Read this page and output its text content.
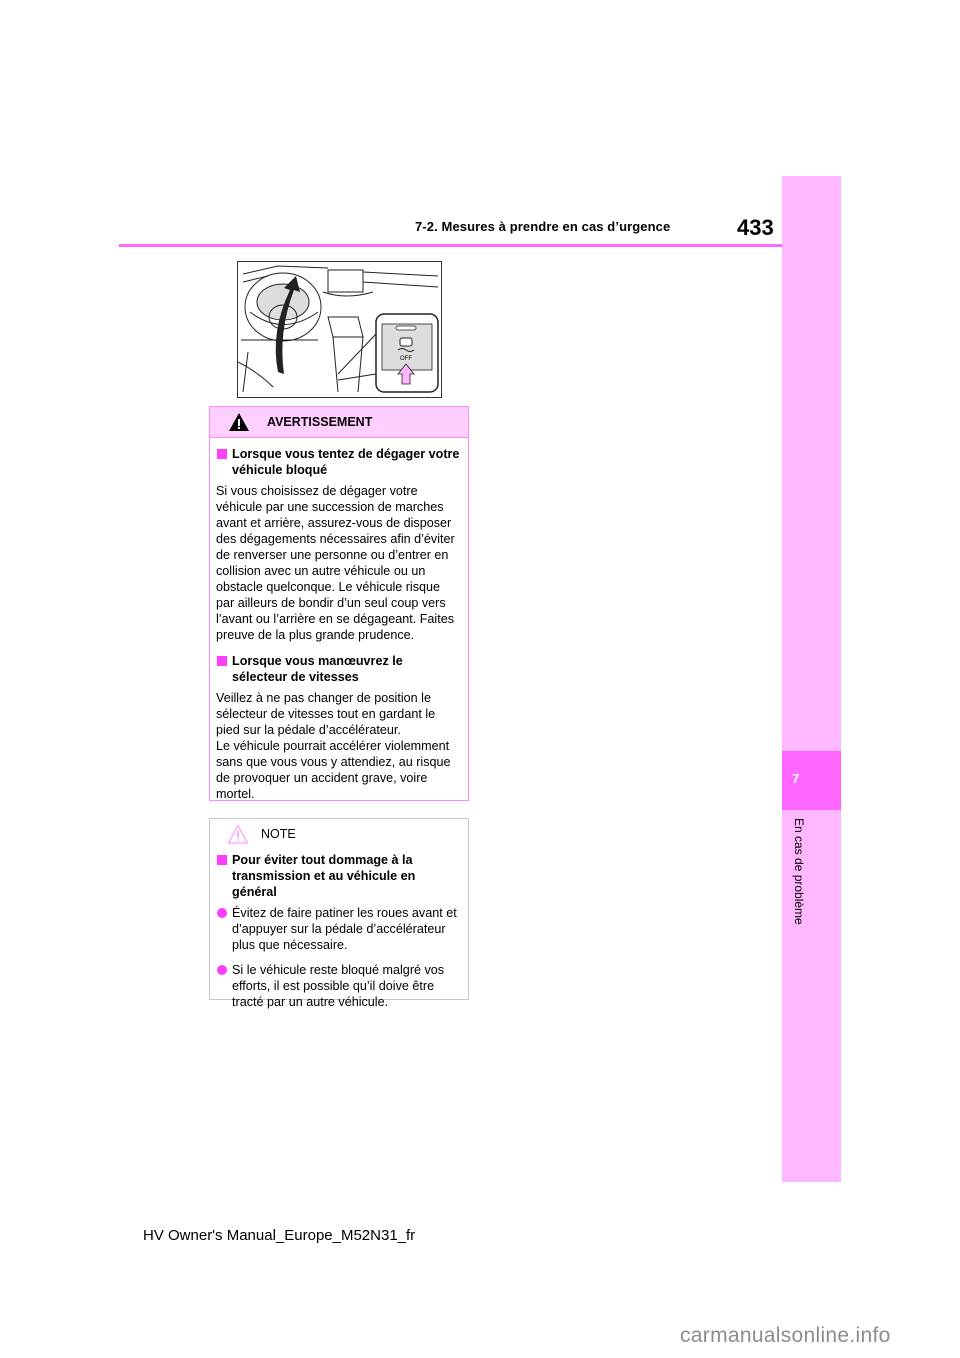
7
En cas de problème
7-2. Mesures à prendre en cas d’urgence	433
OFF
AVERTISSEMENT
Lorsque vous tentez de dégager votre véhicule bloqué
Si vous choisissez de dégager votre véhicule par une succession de marches avant et arrière, assurez-vous de disposer des dégagements nécessaires afin d’éviter de renverser une personne ou d’entrer en collision avec un autre véhicule ou un obstacle quelconque. Le véhicule risque par ailleurs de bondir d’un seul coup vers l’avant ou l’arrière en se dégageant. Faites preuve de la plus grande prudence.
Lorsque vous manœuvrez le sélecteur de vitesses
Veillez à ne pas changer de position le sélecteur de vitesses tout en gardant le pied sur la pédale d’accélérateur.
Le véhicule pourrait accélérer violemment sans que vous vous y attendiez, au risque de provoquer un accident grave, voire mortel.
NOTE
Pour éviter tout dommage à la transmission et au véhicule en général
Évitez de faire patiner les roues avant et d’appuyer sur la pédale d’accélérateur plus que nécessaire.
Si le véhicule reste bloqué malgré vos efforts, il est possible qu’il doive être tracté par un autre véhicule.
HV Owner's Manual_Europe_M52N31_fr
carmanualsonline.info
